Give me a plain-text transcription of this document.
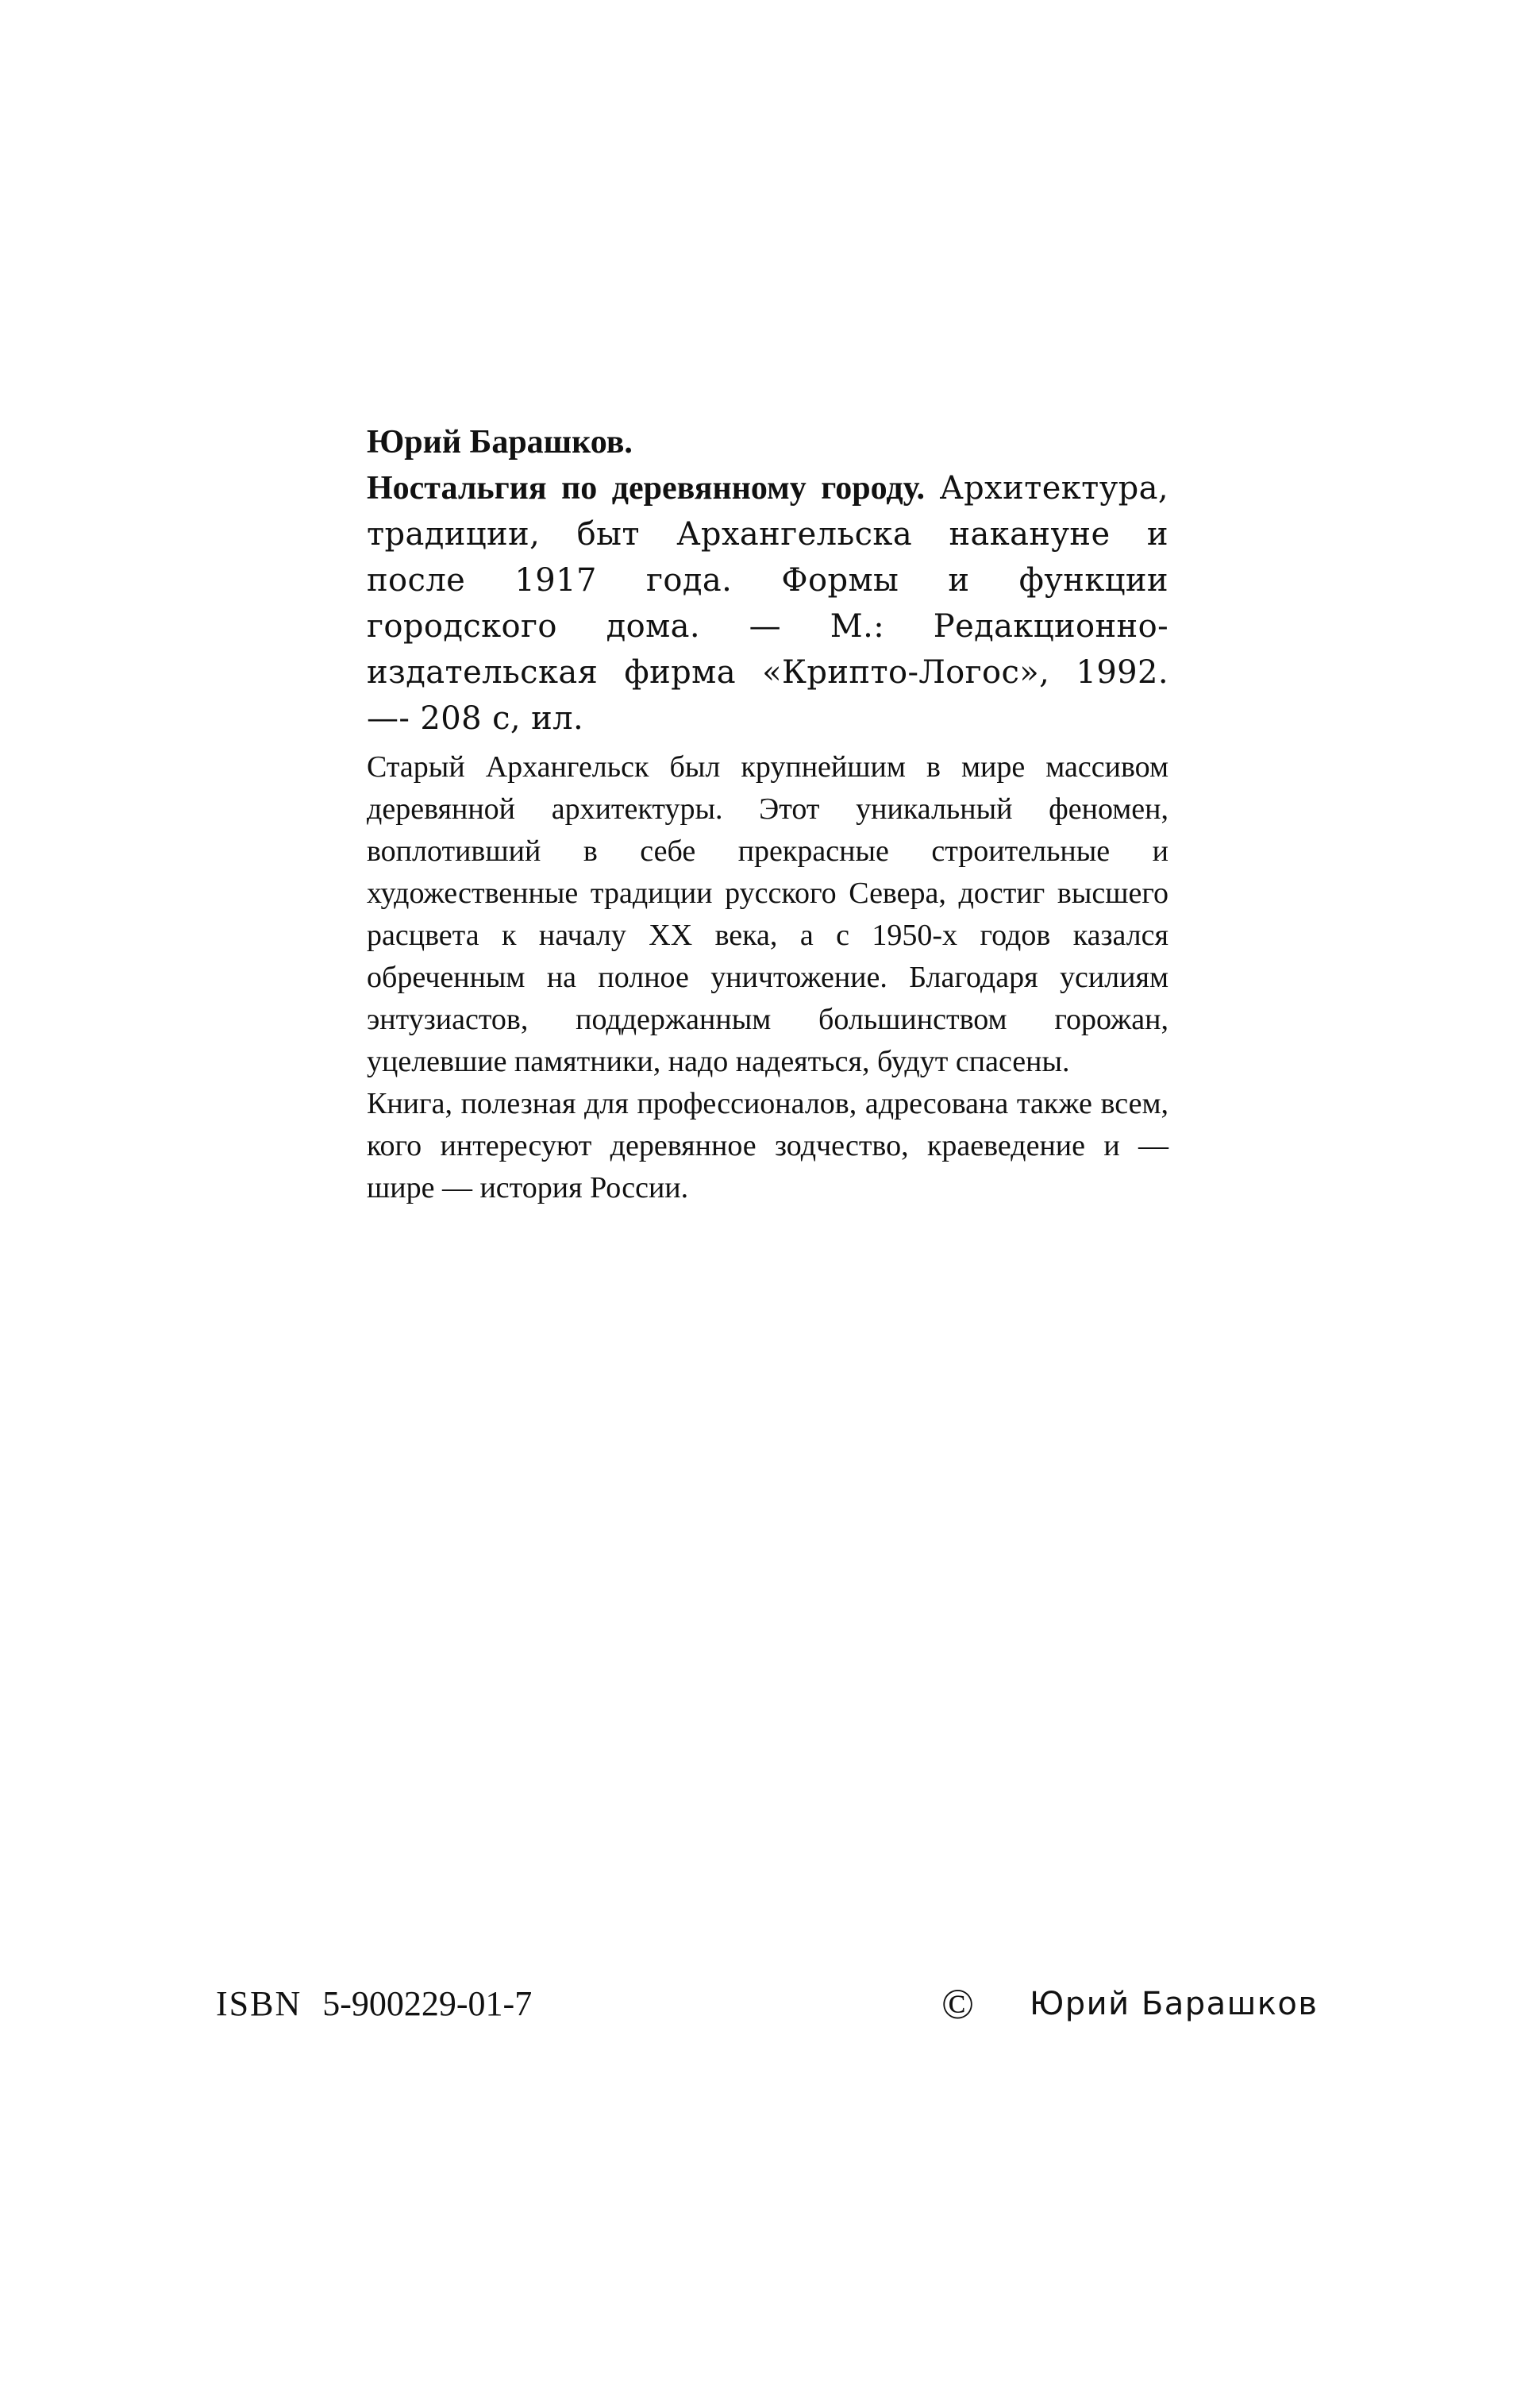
Юрий Барашков.

Ностальгия по деревянному городу. Архитектура, традиции, быт Архангельска накануне и после 1917 года. Формы и функции городского дома. — М.: Редакционно-издательская фирма «Крипто-Логос», 1992. —- 208 с, ил.

Старый Архангельск был крупнейшим в мире массивом деревянной архитектуры. Этот уникальный феномен, воплотивший в себе прекрасные строительные и художественные традиции русского Севера, достиг высшего расцвета к началу XX века, а с 1950-х годов казался обреченным на полное уничтожение. Благодаря усилиям энтузиастов, поддержанным большинством горожан, уцелевшие памятники, надо надеяться, будут спасены.

Книга, полезная для профессионалов, адресована также всем, кого интересуют деревянное зодчество, краеведение и — шире — история России.

ISBN 5-900229-01-7	© Юрий Барашков
